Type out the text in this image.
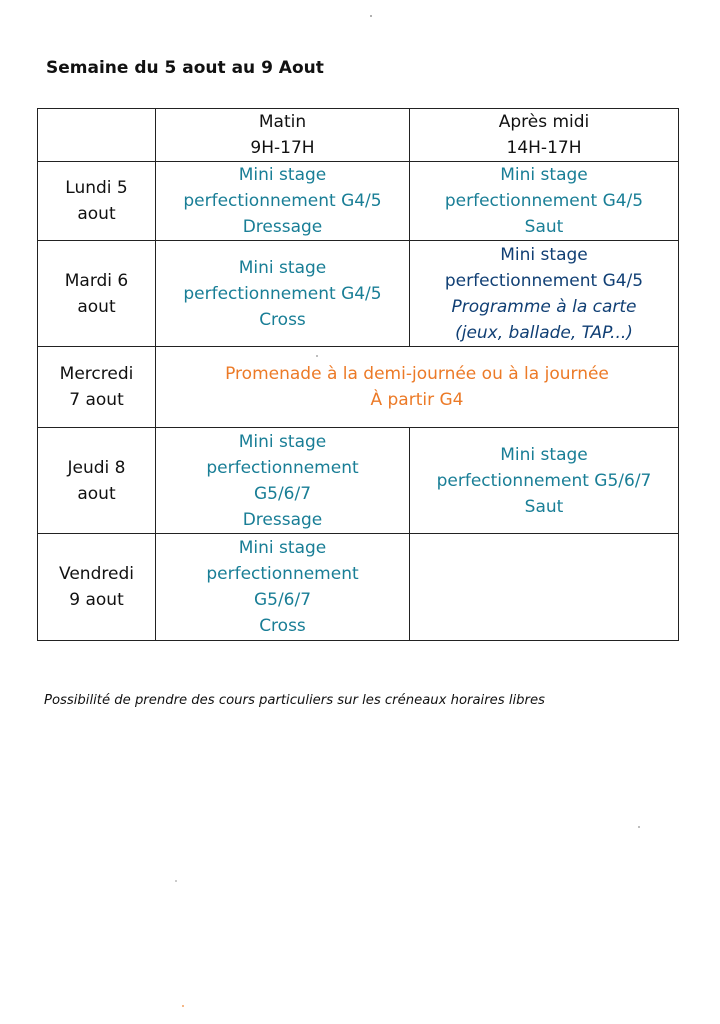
Semaine du 5 aout au 9 Aout

	Matin
9H-17H	Après midi
14H-17H

Lundi 5
aout	Mini stage
perfectionnement G4/5
Dressage	Mini stage
perfectionnement G4/5
Saut

Mardi 6
aout	Mini stage
perfectionnement G4/5
Cross	Mini stage
perfectionnement G4/5
Programme à la carte
(jeux, ballade, TAP...)

Mercredi
7 aout	Promenade à la demi-journée ou à la journée
À partir G4	

Jeudi 8
aout	Mini stage
perfectionnement
G5/6/7
Dressage	Mini stage
perfectionnement G5/6/7
Saut

Vendredi
9 aout	Mini stage
perfectionnement
G5/6/7
Cross	

Possibilité de prendre des cours particuliers sur les créneaux horaires libres
